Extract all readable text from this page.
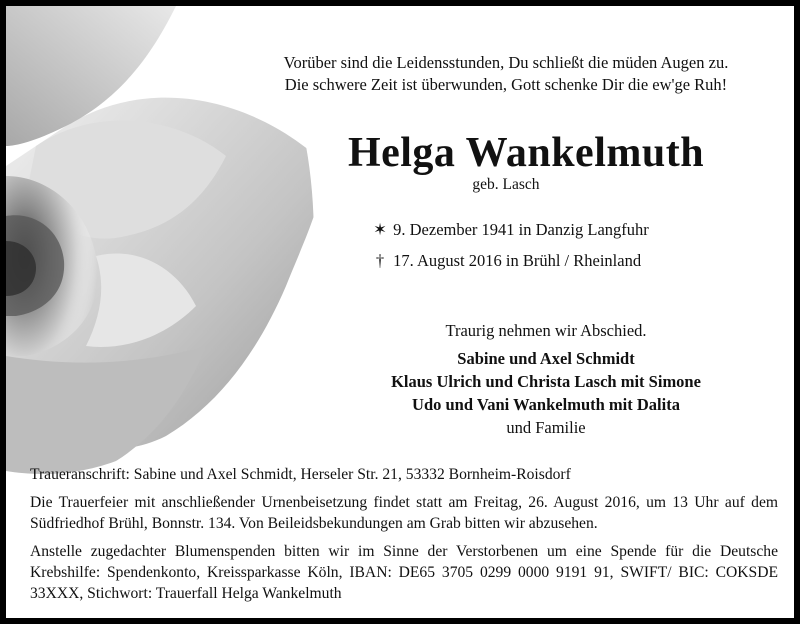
Vorüber sind die Leidensstunden, Du schließt die müden Augen zu.
Die schwere Zeit ist überwunden, Gott schenke Dir die ew'ge Ruh!
Helga Wankelmuth
geb. Lasch
✶ 9. Dezember 1941 in Danzig Langfuhr
† 17. August 2016 in Brühl / Rheinland
Traurig nehmen wir Abschied.
Sabine und Axel Schmidt
Klaus Ulrich und Christa Lasch mit Simone
Udo und Vani Wankelmuth mit Dalita
und Familie

Traueranschrift: Sabine und Axel Schmidt, Herseler Str. 21, 53332 Bornheim-Roisdorf

Die Trauerfeier mit anschließender Urnenbeisetzung findet statt am Freitag, 26. August 2016, um 13 Uhr auf dem Südfriedhof Brühl, Bonnstr. 134. Von Beileidsbekundungen am Grab bitten wir abzusehen.

Anstelle zugedachter Blumenspenden bitten wir im Sinne der Verstorbenen um eine Spende für die Deutsche Krebshilfe: Spendenkonto, Kreissparkasse Köln, IBAN: DE65 3705 0299 0000 9191 91, SWIFT/ BIC: COKSDE 33XXX, Stichwort: Trauerfall Helga Wankelmuth
